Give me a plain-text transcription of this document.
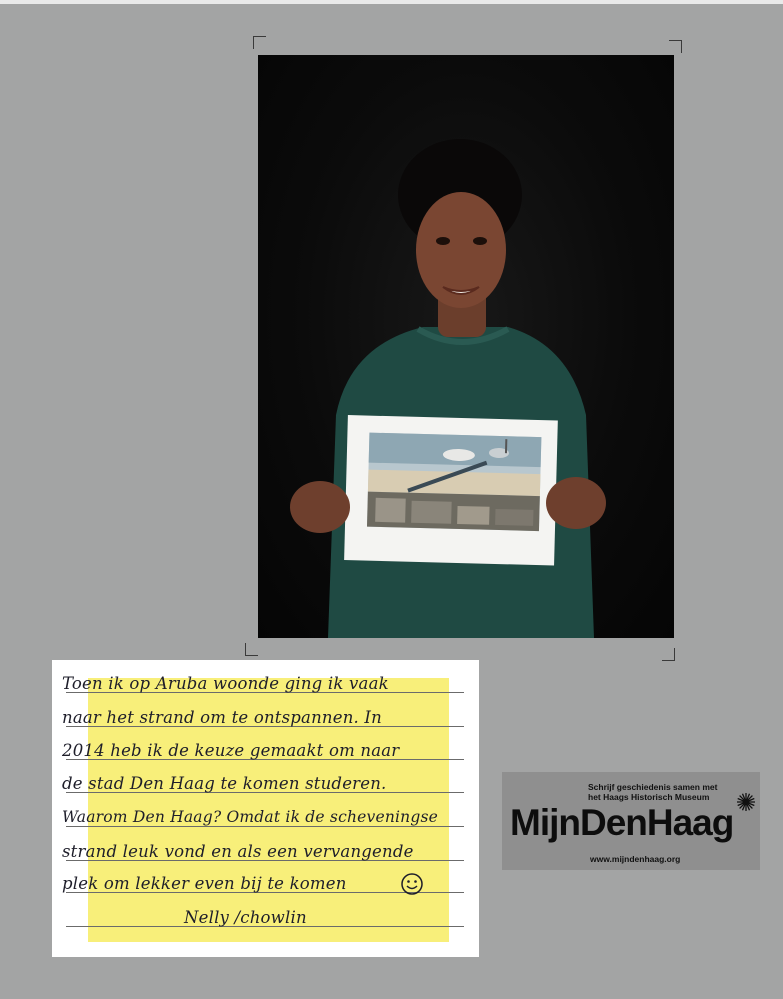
Toen ik op Aruba woonde ging ik vaak
naar het strand om te ontspannen. In
2014 heb ik de keuze gemaakt om naar
de stad Den Haag te komen studeren.
Waarom Den Haag? Omdat ik de scheveningse
strand leuk vond en als een vervangende
plek om lekker even bij te komen
Nelly /chowlin
Schrijf geschiedenis samen met
het Haags Historisch Museum
MijnDenHaag
www.mijndenhaag.org
